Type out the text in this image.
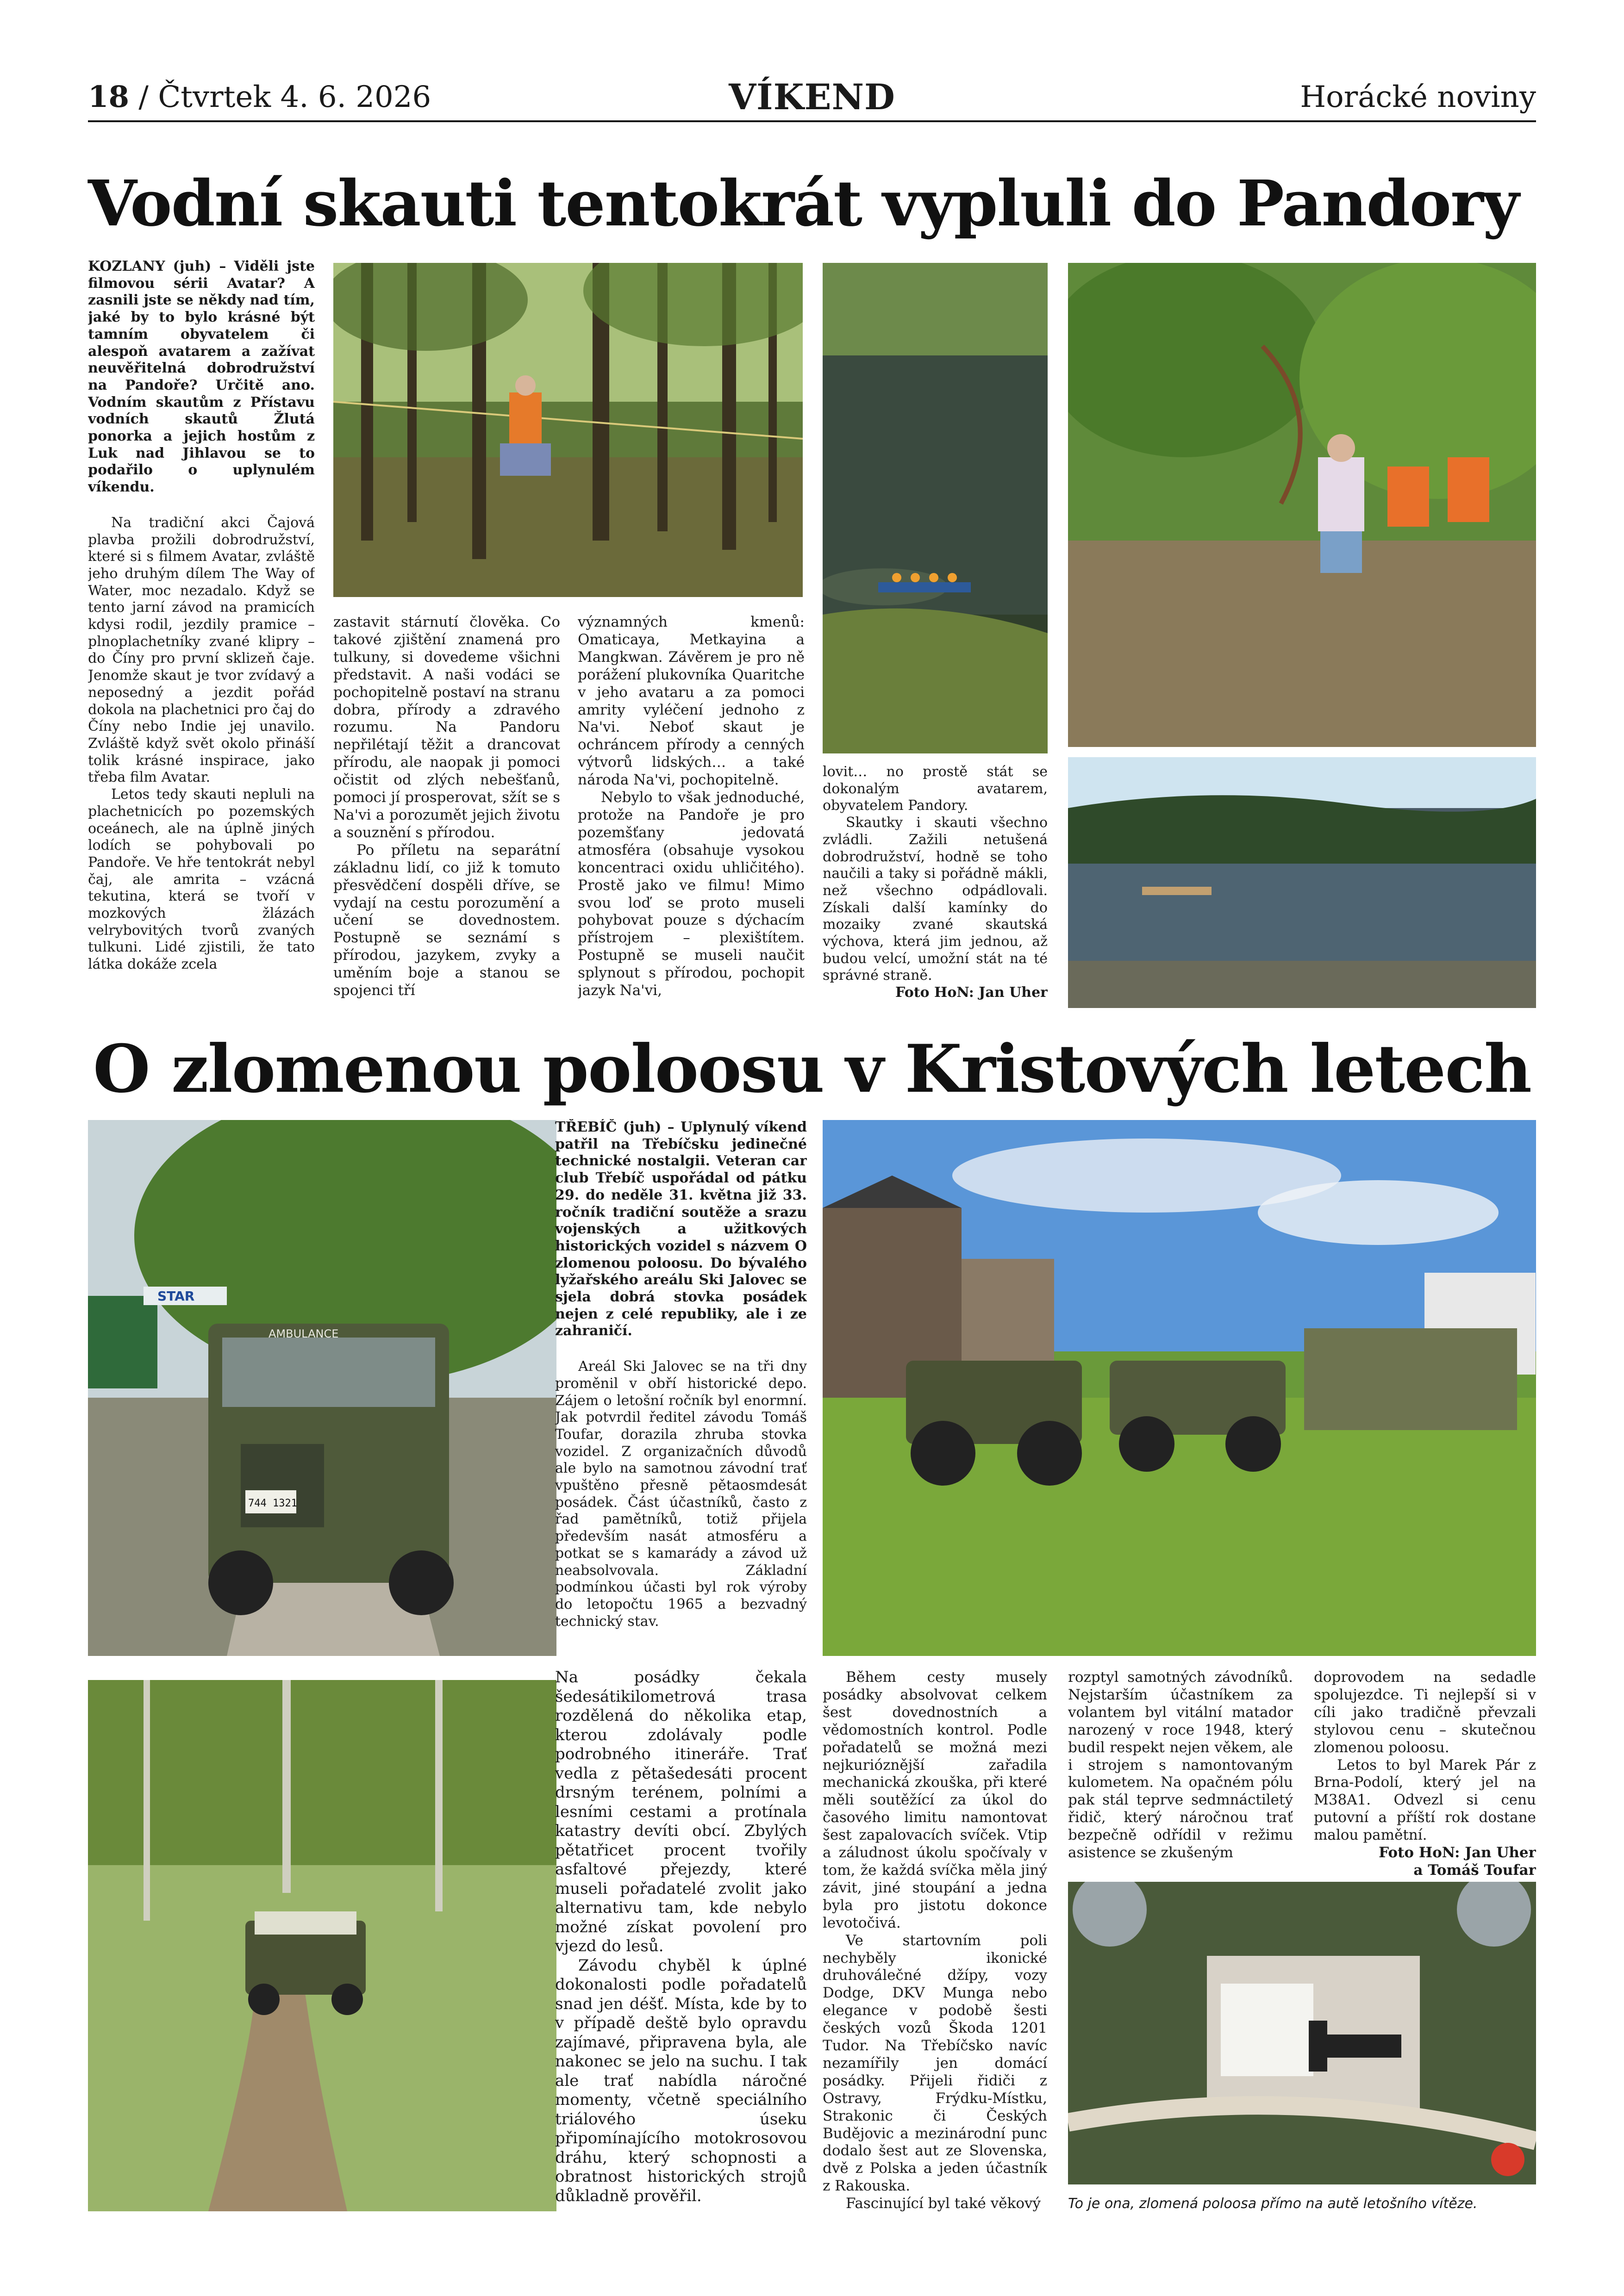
18 / Čtvrtek 4. 6. 2026	VÍKEND	Horácké noviny
Vodní skauti tentokrát vypluli do Pandory

KOZLANY (juh) – Viděli jste filmovou sérii Avatar? A zasnili jste se někdy nad tím, jaké by to bylo krásné být tamním obyvatelem či alespoň avatarem a zažívat neuvěřitelná dobrodružství na Pandoře? Určitě ano. Vodním skautům z Přístavu vodních skautů Žlutá ponorka a jejich hostům z Luk nad Jihlavou se to podařilo o uplynulém víkendu.

Na tradiční akci Čajová plavba prožili dobrodružství, které si s filmem Avatar, zvláště jeho druhým dílem The Way of Water, moc nezadalo. Když se tento jarní závod na pramicích kdysi rodil, jezdily pramice – plnoplachetníky zvané klipry – do Číny pro první sklizeň čaje. Jenomže skaut je tvor zvídavý a neposedný a jezdit pořád dokola na plachetnici pro čaj do Číny nebo Indie jej unavilo. Zvláště když svět okolo přináší tolik krásné inspirace, jako třeba film Avatar.

Letos tedy skauti nepluli na plachetnicích po pozemských oceánech, ale na úplně jiných lodích se pohybovali po Pandoře. Ve hře tentokrát nebyl čaj, ale amrita – vzácná tekutina, která se tvoří v mozkových žlázách velrybovitých tvorů zvaných tulkuni. Lidé zjistili, že tato látka dokáže zcela

zastavit stárnutí člověka. Co takové zjištění znamená pro tulkuny, si dovedeme všichni představit. A naši vodáci se pochopitelně postaví na stranu dobra, přírody a zdravého rozumu. Na Pandoru nepřilétají těžit a drancovat přírodu, ale naopak ji pomoci očistit od zlých nebešťanů, pomoci jí prosperovat, sžít se s Na'vi a porozumět jejich životu a souznění s přírodou.

Po příletu na separátní základnu lidí, co již k tomuto přesvědčení dospěli dříve, se vydají na cestu porozumění a učení se dovednostem. Postupně se seznámí s přírodou, jazykem, zvyky a uměním boje a stanou se spojenci tří

významných kmenů: Omaticaya, Metkayina a Mangkwan. Závěrem je pro ně porážení plukovníka Quaritche v jeho avataru a za pomoci amrity vyléčení jednoho z Na'vi. Neboť skaut je ochráncem přírody a cenných výtvorů lidských… a také národa Na'vi, pochopitelně.

Nebylo to však jednoduché, protože na Pandoře je pro pozemšťany jedovatá atmosféra (obsahuje vysokou koncentraci oxidu uhličitého). Prostě jako ve filmu! Mimo svou loď se proto museli pohybovat pouze s dýchacím přístrojem – plexištítem. Postupně se museli naučit splynout s přírodou, pochopit jazyk Na'vi,

lovit… no prostě stát se dokonalým avatarem, obyvatelem Pandory.

Skautky i skauti všechno zvládli. Zažili netušená dobrodružství, hodně se toho naučili a taky si pořádně mákli, než všechno odpádlovali. Získali další kamínky do mozaiky zvané skautská výchova, která jim jednou, až budou velcí, umožní stát na té správné straně.

Foto HoN: Jan Uher

O zlomenou poloosu v Kristových letech
STAR
AMBULANCE
744 1321

TŘEBÍČ (juh) – Uplynulý víkend patřil na Třebíčsku jedinečné technické nostalgii. Veteran car club Třebíč uspořádal od pátku 29. do neděle 31. května již 33. ročník tradiční soutěže a srazu vojenských a užitkových historických vozidel s názvem O zlomenou poloosu. Do bývalého lyžařského areálu Ski Jalovec se sjela dobrá stovka posádek nejen z celé republiky, ale i ze zahraničí.

Areál Ski Jalovec se na tři dny proměnil v obří historické depo. Zájem o letošní ročník byl enormní. Jak potvrdil ředitel závodu Tomáš Toufar, dorazila zhruba stovka vozidel. Z organizačních důvodů ale bylo na samotnou závodní trať vpuštěno přesně pětaosmdesát posádek. Část účastníků, často z řad pamětníků, totiž přijela především nasát atmosféru a potkat se s kamarády a závod už neabsolvovala. Základní podmínkou účasti byl rok výroby do letopočtu 1965 a bezvadný technický stav.

Na posádky čekala šedesátikilometrová trasa rozdělená do několika etap, kterou zdolávaly podle podrobného itineráře. Trať vedla z pětašedesáti procent drsným terénem, polními a lesními cestami a protínala katastry devíti obcí. Zbylých pětatřicet procent tvořily asfaltové přejezdy, které museli pořadatelé zvolit jako alternativu tam, kde nebylo možné získat povolení pro vjezd do lesů.

Závodu chyběl k úplné dokonalosti podle pořadatelů snad jen déšť. Místa, kde by to v případě deště bylo opravdu zajímavé, připravena byla, ale nakonec se jelo na suchu. I tak ale trať nabídla náročné momenty, včetně speciálního triálového úseku připomínajícího motokrosovou dráhu, který schopnosti a obratnost historických strojů důkladně prověřil.

Během cesty musely posádky absolvovat celkem šest dovednostních a vědomostních kontrol. Podle pořadatelů se možná mezi nejkurióznější zařadila mechanická zkouška, při které měli soutěžící za úkol do časového limitu namontovat šest zapalovacích svíček. Vtip a záludnost úkolu spočívaly v tom, že každá svíčka měla jiný závit, jiné stoupání a jedna byla pro jistotu dokonce levotočivá.

Ve startovním poli nechyběly ikonické druhoválečné džípy, vozy Dodge, DKV Munga nebo elegance v podobě šesti českých vozů Škoda 1201 Tudor. Na Třebíčsko navíc nezamířily jen domácí posádky. Přijeli řidiči z Ostravy, Frýdku-Místku, Strakonic či Českých Budějovic a mezinárodní punc dodalo šest aut ze Slovenska, dvě z Polska a jeden účastník z Rakouska.

Fascinující byl také věkový

rozptyl samotných závodníků. Nejstarším účastníkem za volantem byl vitální matador narozený v roce 1948, který budil respekt nejen věkem, ale i strojem s namontovaným kulometem. Na opačném pólu pak stál teprve sedmnáctiletý řidič, který náročnou trať bezpečně odřídil v režimu asistence se zkušeným

doprovodem na sedadle spolujezdce. Ti nejlepší si v cíli jako tradičně převzali stylovou cenu – skutečnou zlomenou poloosu.

Letos to byl Marek Pár z Brna-Podolí, který jel na M38A1. Odvezl si cenu putovní a příští rok dostane malou pamětní.

Foto HoN: Jan Uher

a Tomáš Toufar

To je ona, zlomená poloosa přímo na autě letošního vítěze.
